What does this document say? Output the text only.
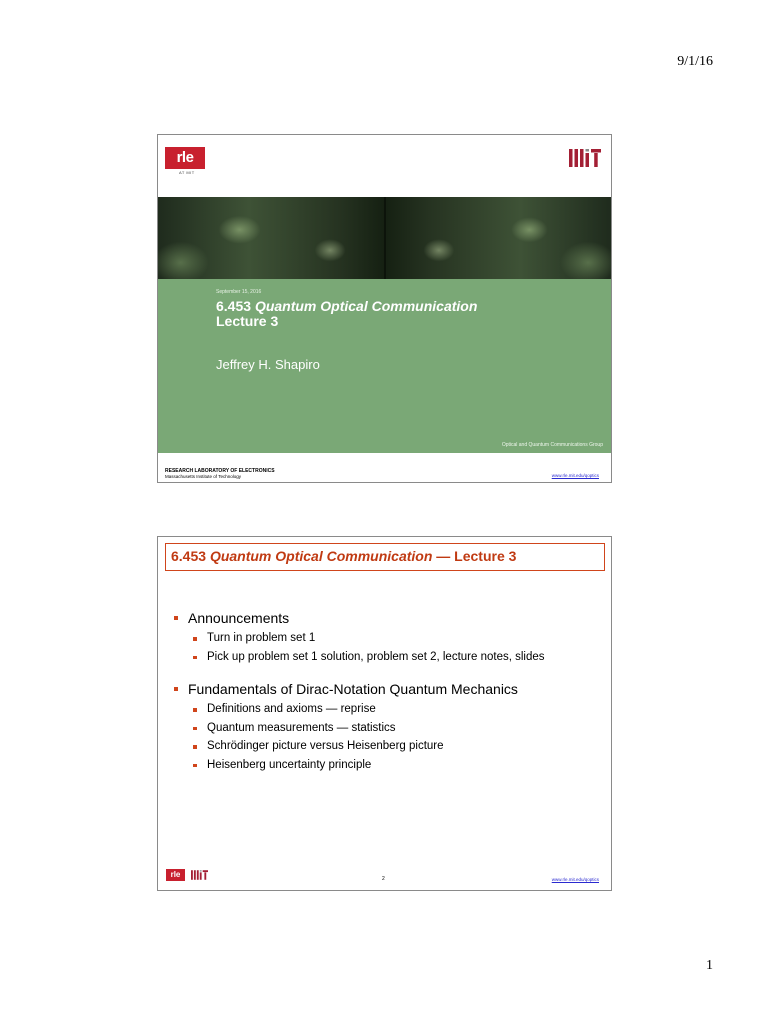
9/1/16
rle
AT MIT
September 15, 2016
6.453 Quantum Optical Communication
Lecture 3
Jeffrey H. Shapiro
Optical and Quantum Communications Group
RESEARCH LABORATORY OF ELECTRONICS
Massachusetts Institute of Technology	www.rle.mit.edu/qoptics
6.453 Quantum Optical Communication — Lecture 3
Announcements
Turn in problem set 1
Pick up problem set 1 solution, problem set 2, lecture notes, slides
Fundamentals of Dirac-Notation Quantum Mechanics
Definitions and axioms — reprise
Quantum measurements — statistics
Schrödinger picture versus Heisenberg picture
Heisenberg uncertainty principle
rle	2	www.rle.mit.edu/qoptics
1
